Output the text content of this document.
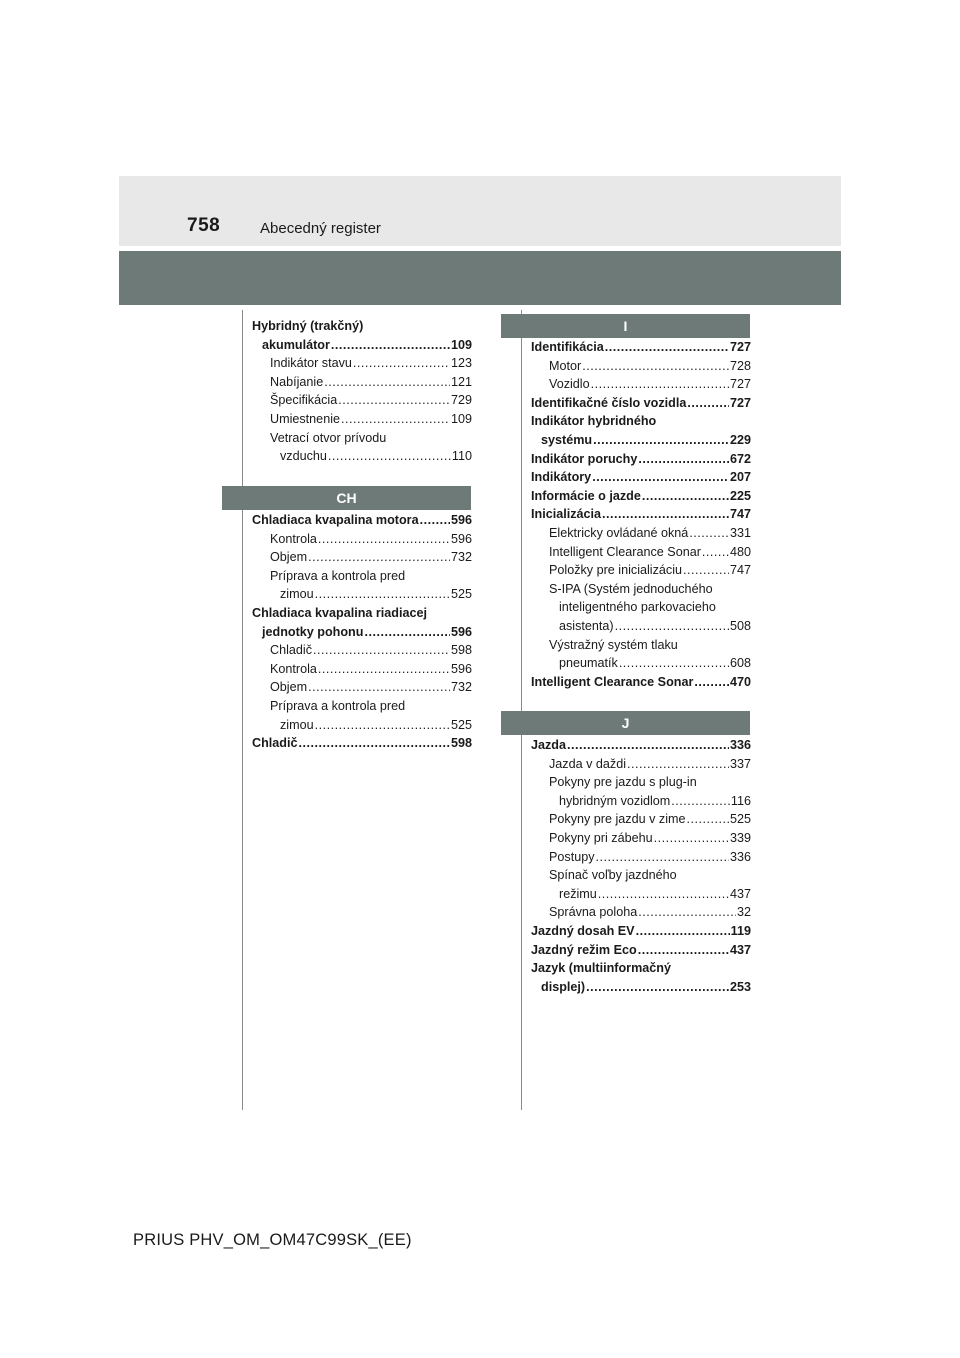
758	Abecedný register
Hybridný (trakčný)
akumulátor .....	109
Indikátor stavu .....	123
Nabíjanie .....	121
Špecifikácia .....	729
Umiestnenie .....	109
Vetrací otvor prívodu
vzduchu .....	110
CH
Chladiaca kvapalina motora .....	596
Kontrola .....	596
Objem .....	732
Príprava a kontrola pred
zimou .....	525
Chladiaca kvapalina riadiacej
jednotky pohonu .....	596
Chladič .....	598
Kontrola .....	596
Objem .....	732
Príprava a kontrola pred
zimou .....	525
Chladič .....	598
I
Identifikácia .....	727
Motor .....	728
Vozidlo .....	727
Identifikačné číslo vozidla .....	727
Indikátor hybridného
systému .....	229
Indikátor poruchy .....	672
Indikátory .....	207
Informácie o jazde .....	225
Inicializácia .....	747
Elektricky ovládané okná .....	331
Intelligent Clearance Sonar ..... 480
Položky pre inicializáciu .....	747
S-IPA (Systém jednoduchého
inteligentného parkovacieho
asistenta) .....	508
Výstražný systém tlaku
pneumatík .....	608
Intelligent Clearance Sonar .....	470
J
Jazda .....	336
Jazda v daždi .....	337
Pokyny pre jazdu s plug-in
hybridným vozidlom .....	116
Pokyny pre jazdu v zime .....	525
Pokyny pri zábehu .....	339
Postupy .....	336
Spínač voľby jazdného
režimu .....	437
Správna poloha .....	32
Jazdný dosah EV .....	119
Jazdný režim Eco .....	437
Jazyk (multiinformačný
displej) .....	253
PRIUS PHV_OM_OM47C99SK_(EE)
